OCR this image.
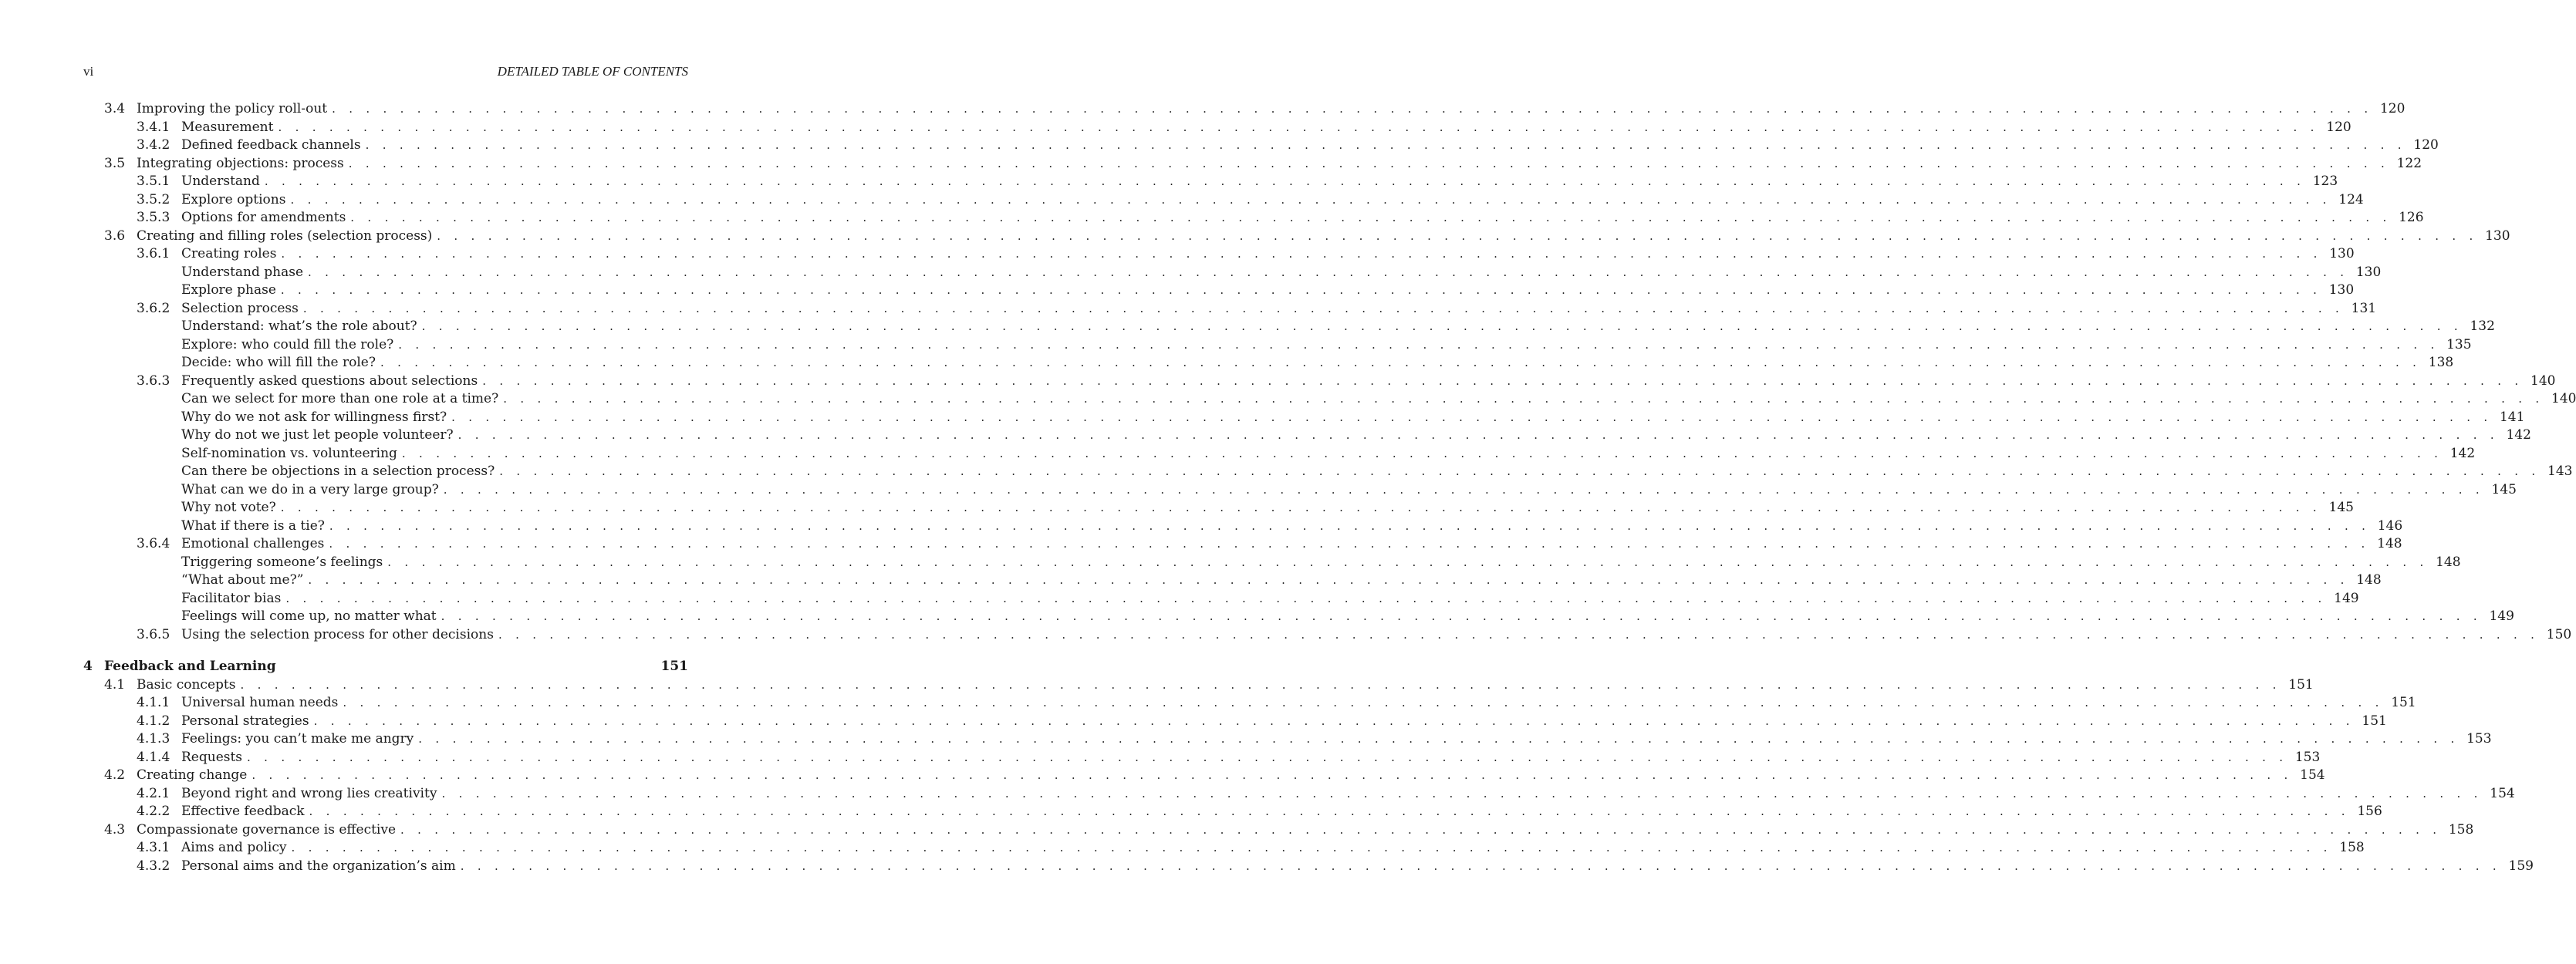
vi	DETAILED TABLE OF CONTENTS
3.4 Improving the policy roll-out . . . . . . . . . . . . . . . . . . . . . . . . . . . . . . . . . . . . . . . . . . . . . . . . . . . . . . . . . . . . . . . . . . . . . . . . . . . . . . . . . . . . . . . . . . . . . . . . . . . . . . . . . . . . . . . . . . . . . . . . 120
3.4.1 Measurement . . . . . . . . . . . . . . . . . . . . . . . . . . . . . . . . . . . . . . . . . . . . . . . . . . . . . . . . . . . . . . . . . . . . . . . . . . . . . . . . . . . . . . . . . . . . . . . . . . . . . . . . . . . . . . . . . . . . . . . . 120
3.4.2 Defined feedback channels . . . . . . . . . . . . . . . . . . . . . . . . . . . . . . . . . . . . . . . . . . . . . . . . . . . . . . . . . . . . . . . . . . . . . . . . . . . . . . . . . . . . . . . . . . . . . . . . . . . . . . . . . . . . . . . . . . . . . . . . 120
3.5 Integrating objections: process . . . . . . . . . . . . . . . . . . . . . . . . . . . . . . . . . . . . . . . . . . . . . . . . . . . . . . . . . . . . . . . . . . . . . . . . . . . . . . . . . . . . . . . . . . . . . . . . . . . . . . . . . . . . . . . . . . . . . . . . 122
3.5.1 Understand . . . . . . . . . . . . . . . . . . . . . . . . . . . . . . . . . . . . . . . . . . . . . . . . . . . . . . . . . . . . . . . . . . . . . . . . . . . . . . . . . . . . . . . . . . . . . . . . . . . . . . . . . . . . . . . . . . . . . . . . 123
3.5.2 Explore options . . . . . . . . . . . . . . . . . . . . . . . . . . . . . . . . . . . . . . . . . . . . . . . . . . . . . . . . . . . . . . . . . . . . . . . . . . . . . . . . . . . . . . . . . . . . . . . . . . . . . . . . . . . . . . . . . . . . . . . . 124
3.5.3 Options for amendments . . . . . . . . . . . . . . . . . . . . . . . . . . . . . . . . . . . . . . . . . . . . . . . . . . . . . . . . . . . . . . . . . . . . . . . . . . . . . . . . . . . . . . . . . . . . . . . . . . . . . . . . . . . . . . . . . . . . . . . . 126
3.6 Creating and filling roles (selection process) . . . . . . . . . . . . . . . . . . . . . . . . . . . . . . . . . . . . . . . . . . . . . . . . . . . . . . . . . . . . . . . . . . . . . . . . . . . . . . . . . . . . . . . . . . . . . . . . . . . . . . . . . . . . . . . . . . . . . . . . 130
3.6.1 Creating roles . . . . . . . . . . . . . . . . . . . . . . . . . . . . . . . . . . . . . . . . . . . . . . . . . . . . . . . . . . . . . . . . . . . . . . . . . . . . . . . . . . . . . . . . . . . . . . . . . . . . . . . . . . . . . . . . . . . . . . . . 130
Understand phase . . . . . . . . . . . . . . . . . . . . . . . . . . . . . . . . . . . . . . . . . . . . . . . . . . . . . . . . . . . . . . . . . . . . . . . . . . . . . . . . . . . . . . . . . . . . . . . . . . . . . . . . . . . . . . . . . . . . . . . . 130
Explore phase . . . . . . . . . . . . . . . . . . . . . . . . . . . . . . . . . . . . . . . . . . . . . . . . . . . . . . . . . . . . . . . . . . . . . . . . . . . . . . . . . . . . . . . . . . . . . . . . . . . . . . . . . . . . . . . . . . . . . . . . 130
3.6.2 Selection process . . . . . . . . . . . . . . . . . . . . . . . . . . . . . . . . . . . . . . . . . . . . . . . . . . . . . . . . . . . . . . . . . . . . . . . . . . . . . . . . . . . . . . . . . . . . . . . . . . . . . . . . . . . . . . . . . . . . . . . . 131
Understand: what’s the role about? . . . . . . . . . . . . . . . . . . . . . . . . . . . . . . . . . . . . . . . . . . . . . . . . . . . . . . . . . . . . . . . . . . . . . . . . . . . . . . . . . . . . . . . . . . . . . . . . . . . . . . . . . . . . . . . . . . . . . . . . 132
Explore: who could fill the role? . . . . . . . . . . . . . . . . . . . . . . . . . . . . . . . . . . . . . . . . . . . . . . . . . . . . . . . . . . . . . . . . . . . . . . . . . . . . . . . . . . . . . . . . . . . . . . . . . . . . . . . . . . . . . . . . . . . . . . . . 135
Decide: who will fill the role? . . . . . . . . . . . . . . . . . . . . . . . . . . . . . . . . . . . . . . . . . . . . . . . . . . . . . . . . . . . . . . . . . . . . . . . . . . . . . . . . . . . . . . . . . . . . . . . . . . . . . . . . . . . . . . . . . . . . . . . . 138
3.6.3 Frequently asked questions about selections . . . . . . . . . . . . . . . . . . . . . . . . . . . . . . . . . . . . . . . . . . . . . . . . . . . . . . . . . . . . . . . . . . . . . . . . . . . . . . . . . . . . . . . . . . . . . . . . . . . . . . . . . . . . . . . . . . . . . . . . 140
Can we select for more than one role at a time? . . . . . . . . . . . . . . . . . . . . . . . . . . . . . . . . . . . . . . . . . . . . . . . . . . . . . . . . . . . . . . . . . . . . . . . . . . . . . . . . . . . . . . . . . . . . . . . . . . . . . . . . . . . . . . . . . . . . . . . . 140
Why do we not ask for willingness first? . . . . . . . . . . . . . . . . . . . . . . . . . . . . . . . . . . . . . . . . . . . . . . . . . . . . . . . . . . . . . . . . . . . . . . . . . . . . . . . . . . . . . . . . . . . . . . . . . . . . . . . . . . . . . . . . . . . . . . . . 141
Why do not we just let people volunteer? . . . . . . . . . . . . . . . . . . . . . . . . . . . . . . . . . . . . . . . . . . . . . . . . . . . . . . . . . . . . . . . . . . . . . . . . . . . . . . . . . . . . . . . . . . . . . . . . . . . . . . . . . . . . . . . . . . . . . . . . 142
Self-nomination vs. volunteering . . . . . . . . . . . . . . . . . . . . . . . . . . . . . . . . . . . . . . . . . . . . . . . . . . . . . . . . . . . . . . . . . . . . . . . . . . . . . . . . . . . . . . . . . . . . . . . . . . . . . . . . . . . . . . . . . . . . . . . . 142
Can there be objections in a selection process? . . . . . . . . . . . . . . . . . . . . . . . . . . . . . . . . . . . . . . . . . . . . . . . . . . . . . . . . . . . . . . . . . . . . . . . . . . . . . . . . . . . . . . . . . . . . . . . . . . . . . . . . . . . . . . . . . . . . . . . . 143
What can we do in a very large group? . . . . . . . . . . . . . . . . . . . . . . . . . . . . . . . . . . . . . . . . . . . . . . . . . . . . . . . . . . . . . . . . . . . . . . . . . . . . . . . . . . . . . . . . . . . . . . . . . . . . . . . . . . . . . . . . . . . . . . . . 145
Why not vote? . . . . . . . . . . . . . . . . . . . . . . . . . . . . . . . . . . . . . . . . . . . . . . . . . . . . . . . . . . . . . . . . . . . . . . . . . . . . . . . . . . . . . . . . . . . . . . . . . . . . . . . . . . . . . . . . . . . . . . . . 145
What if there is a tie? . . . . . . . . . . . . . . . . . . . . . . . . . . . . . . . . . . . . . . . . . . . . . . . . . . . . . . . . . . . . . . . . . . . . . . . . . . . . . . . . . . . . . . . . . . . . . . . . . . . . . . . . . . . . . . . . . . . . . . . . 146
3.6.4 Emotional challenges . . . . . . . . . . . . . . . . . . . . . . . . . . . . . . . . . . . . . . . . . . . . . . . . . . . . . . . . . . . . . . . . . . . . . . . . . . . . . . . . . . . . . . . . . . . . . . . . . . . . . . . . . . . . . . . . . . . . . . . . 148
Triggering someone’s feelings . . . . . . . . . . . . . . . . . . . . . . . . . . . . . . . . . . . . . . . . . . . . . . . . . . . . . . . . . . . . . . . . . . . . . . . . . . . . . . . . . . . . . . . . . . . . . . . . . . . . . . . . . . . . . . . . . . . . . . . . 148
“What about me?” . . . . . . . . . . . . . . . . . . . . . . . . . . . . . . . . . . . . . . . . . . . . . . . . . . . . . . . . . . . . . . . . . . . . . . . . . . . . . . . . . . . . . . . . . . . . . . . . . . . . . . . . . . . . . . . . . . . . . . . . 148
Facilitator bias . . . . . . . . . . . . . . . . . . . . . . . . . . . . . . . . . . . . . . . . . . . . . . . . . . . . . . . . . . . . . . . . . . . . . . . . . . . . . . . . . . . . . . . . . . . . . . . . . . . . . . . . . . . . . . . . . . . . . . . . 149
Feelings will come up, no matter what . . . . . . . . . . . . . . . . . . . . . . . . . . . . . . . . . . . . . . . . . . . . . . . . . . . . . . . . . . . . . . . . . . . . . . . . . . . . . . . . . . . . . . . . . . . . . . . . . . . . . . . . . . . . . . . . . . . . . . . . 149
3.6.5 Using the selection process for other decisions . . . . . . . . . . . . . . . . . . . . . . . . . . . . . . . . . . . . . . . . . . . . . . . . . . . . . . . . . . . . . . . . . . . . . . . . . . . . . . . . . . . . . . . . . . . . . . . . . . . . . . . . . . . . . . . . . . . . . . . . 150
4 Feedback and Learning	151
4.1 Basic concepts . . . . . . . . . . . . . . . . . . . . . . . . . . . . . . . . . . . . . . . . . . . . . . . . . . . . . . . . . . . . . . . . . . . . . . . . . . . . . . . . . . . . . . . . . . . . . . . . . . . . . . . . . . . . . . . . . . . . . . . . 151
4.1.1 Universal human needs . . . . . . . . . . . . . . . . . . . . . . . . . . . . . . . . . . . . . . . . . . . . . . . . . . . . . . . . . . . . . . . . . . . . . . . . . . . . . . . . . . . . . . . . . . . . . . . . . . . . . . . . . . . . . . . . . . . . . . . . 151
4.1.2 Personal strategies . . . . . . . . . . . . . . . . . . . . . . . . . . . . . . . . . . . . . . . . . . . . . . . . . . . . . . . . . . . . . . . . . . . . . . . . . . . . . . . . . . . . . . . . . . . . . . . . . . . . . . . . . . . . . . . . . . . . . . . . 151
4.1.3 Feelings: you can’t make me angry . . . . . . . . . . . . . . . . . . . . . . . . . . . . . . . . . . . . . . . . . . . . . . . . . . . . . . . . . . . . . . . . . . . . . . . . . . . . . . . . . . . . . . . . . . . . . . . . . . . . . . . . . . . . . . . . . . . . . . . . 153
4.1.4 Requests . . . . . . . . . . . . . . . . . . . . . . . . . . . . . . . . . . . . . . . . . . . . . . . . . . . . . . . . . . . . . . . . . . . . . . . . . . . . . . . . . . . . . . . . . . . . . . . . . . . . . . . . . . . . . . . . . . . . . . . . 153
4.2 Creating change . . . . . . . . . . . . . . . . . . . . . . . . . . . . . . . . . . . . . . . . . . . . . . . . . . . . . . . . . . . . . . . . . . . . . . . . . . . . . . . . . . . . . . . . . . . . . . . . . . . . . . . . . . . . . . . . . . . . . . . . 154
4.2.1 Beyond right and wrong lies creativity . . . . . . . . . . . . . . . . . . . . . . . . . . . . . . . . . . . . . . . . . . . . . . . . . . . . . . . . . . . . . . . . . . . . . . . . . . . . . . . . . . . . . . . . . . . . . . . . . . . . . . . . . . . . . . . . . . . . . . . . 154
4.2.2 Effective feedback . . . . . . . . . . . . . . . . . . . . . . . . . . . . . . . . . . . . . . . . . . . . . . . . . . . . . . . . . . . . . . . . . . . . . . . . . . . . . . . . . . . . . . . . . . . . . . . . . . . . . . . . . . . . . . . . . . . . . . . . 156
4.3 Compassionate governance is effective . . . . . . . . . . . . . . . . . . . . . . . . . . . . . . . . . . . . . . . . . . . . . . . . . . . . . . . . . . . . . . . . . . . . . . . . . . . . . . . . . . . . . . . . . . . . . . . . . . . . . . . . . . . . . . . . . . . . . . . . 158
4.3.1 Aims and policy . . . . . . . . . . . . . . . . . . . . . . . . . . . . . . . . . . . . . . . . . . . . . . . . . . . . . . . . . . . . . . . . . . . . . . . . . . . . . . . . . . . . . . . . . . . . . . . . . . . . . . . . . . . . . . . . . . . . . . . . 158
4.3.2 Personal aims and the organization’s aim . . . . . . . . . . . . . . . . . . . . . . . . . . . . . . . . . . . . . . . . . . . . . . . . . . . . . . . . . . . . . . . . . . . . . . . . . . . . . . . . . . . . . . . . . . . . . . . . . . . . . . . . . . . . . . . . . . . . . . . . 159
